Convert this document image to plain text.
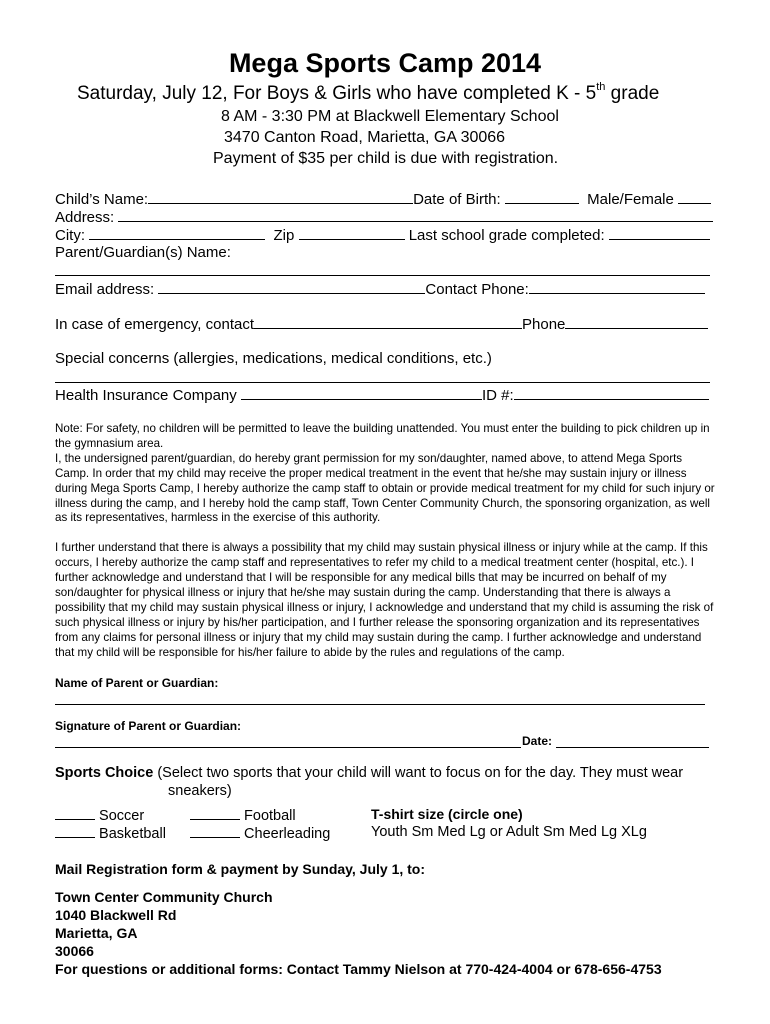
Mega Sports Camp 2014
Saturday, July 12, For Boys & Girls who have completed K - 5th grade
8 AM - 3:30 PM at Blackwell Elementary School
3470 Canton Road, Marietta, GA 30066
Payment of $35 per child is due with registration.
Child’s Name:	Date of Birth:	Male/Female
Address:
City:	Zip	Last school grade completed:
Parent/Guardian(s) Name:
Email address:	Contact Phone:
In case of emergency, contact	Phone
Special concerns (allergies, medications, medical conditions, etc.)
Health Insurance Company	ID #:

Note: For safety, no children will be permitted to leave the building unattended. You must enter the building to pick children up in the gymnasium area.

I, the undersigned parent/guardian, do hereby grant permission for my son/daughter, named above, to attend Mega Sports Camp. In order that my child may receive the proper medical treatment in the event that he/she may sustain injury or illness during Mega Sports Camp, I hereby authorize the camp staff to obtain or provide medical treatment for my child for such injury or illness during the camp, and I hereby hold the camp staff, Town Center Community Church, the sponsoring organization, as well as its representatives, harmless in the exercise of this authority.

I further understand that there is always a possibility that my child may sustain physical illness or injury while at the camp. If this occurs, I hereby authorize the camp staff and representatives to refer my child to a medical treatment center (hospital, etc.). I further acknowledge and understand that I will be responsible for any medical bills that may be incurred on behalf of my son/daughter for physical illness or injury that he/she may sustain during the camp. Understanding that there is always a possibility that my child may sustain physical illness or injury, I acknowledge and understand that my child is assuming the risk of such physical illness or injury by his/her participation, and I further release the sponsoring organization and its representatives from any claims for personal illness or injury that my child may sustain during the camp. I further acknowledge and understand that my child will be responsible for his/her failure to abide by the rules and regulations of the camp.

Name of Parent or Guardian:
Signature of Parent or Guardian:
Date:
Sports Choice (Select two sports that your child will want to focus on for the day. They must wear
sneakers)
Soccer	Football	T-shirt size (circle one)
Basketball	Cheerleading	Youth Sm Med Lg or Adult Sm Med Lg XLg
Mail Registration form & payment by Sunday, July 1, to:
Town Center Community Church
1040 Blackwell Rd
Marietta, GA
30066
For questions or additional forms: Contact Tammy Nielson at 770-424-4004 or 678-656-4753
